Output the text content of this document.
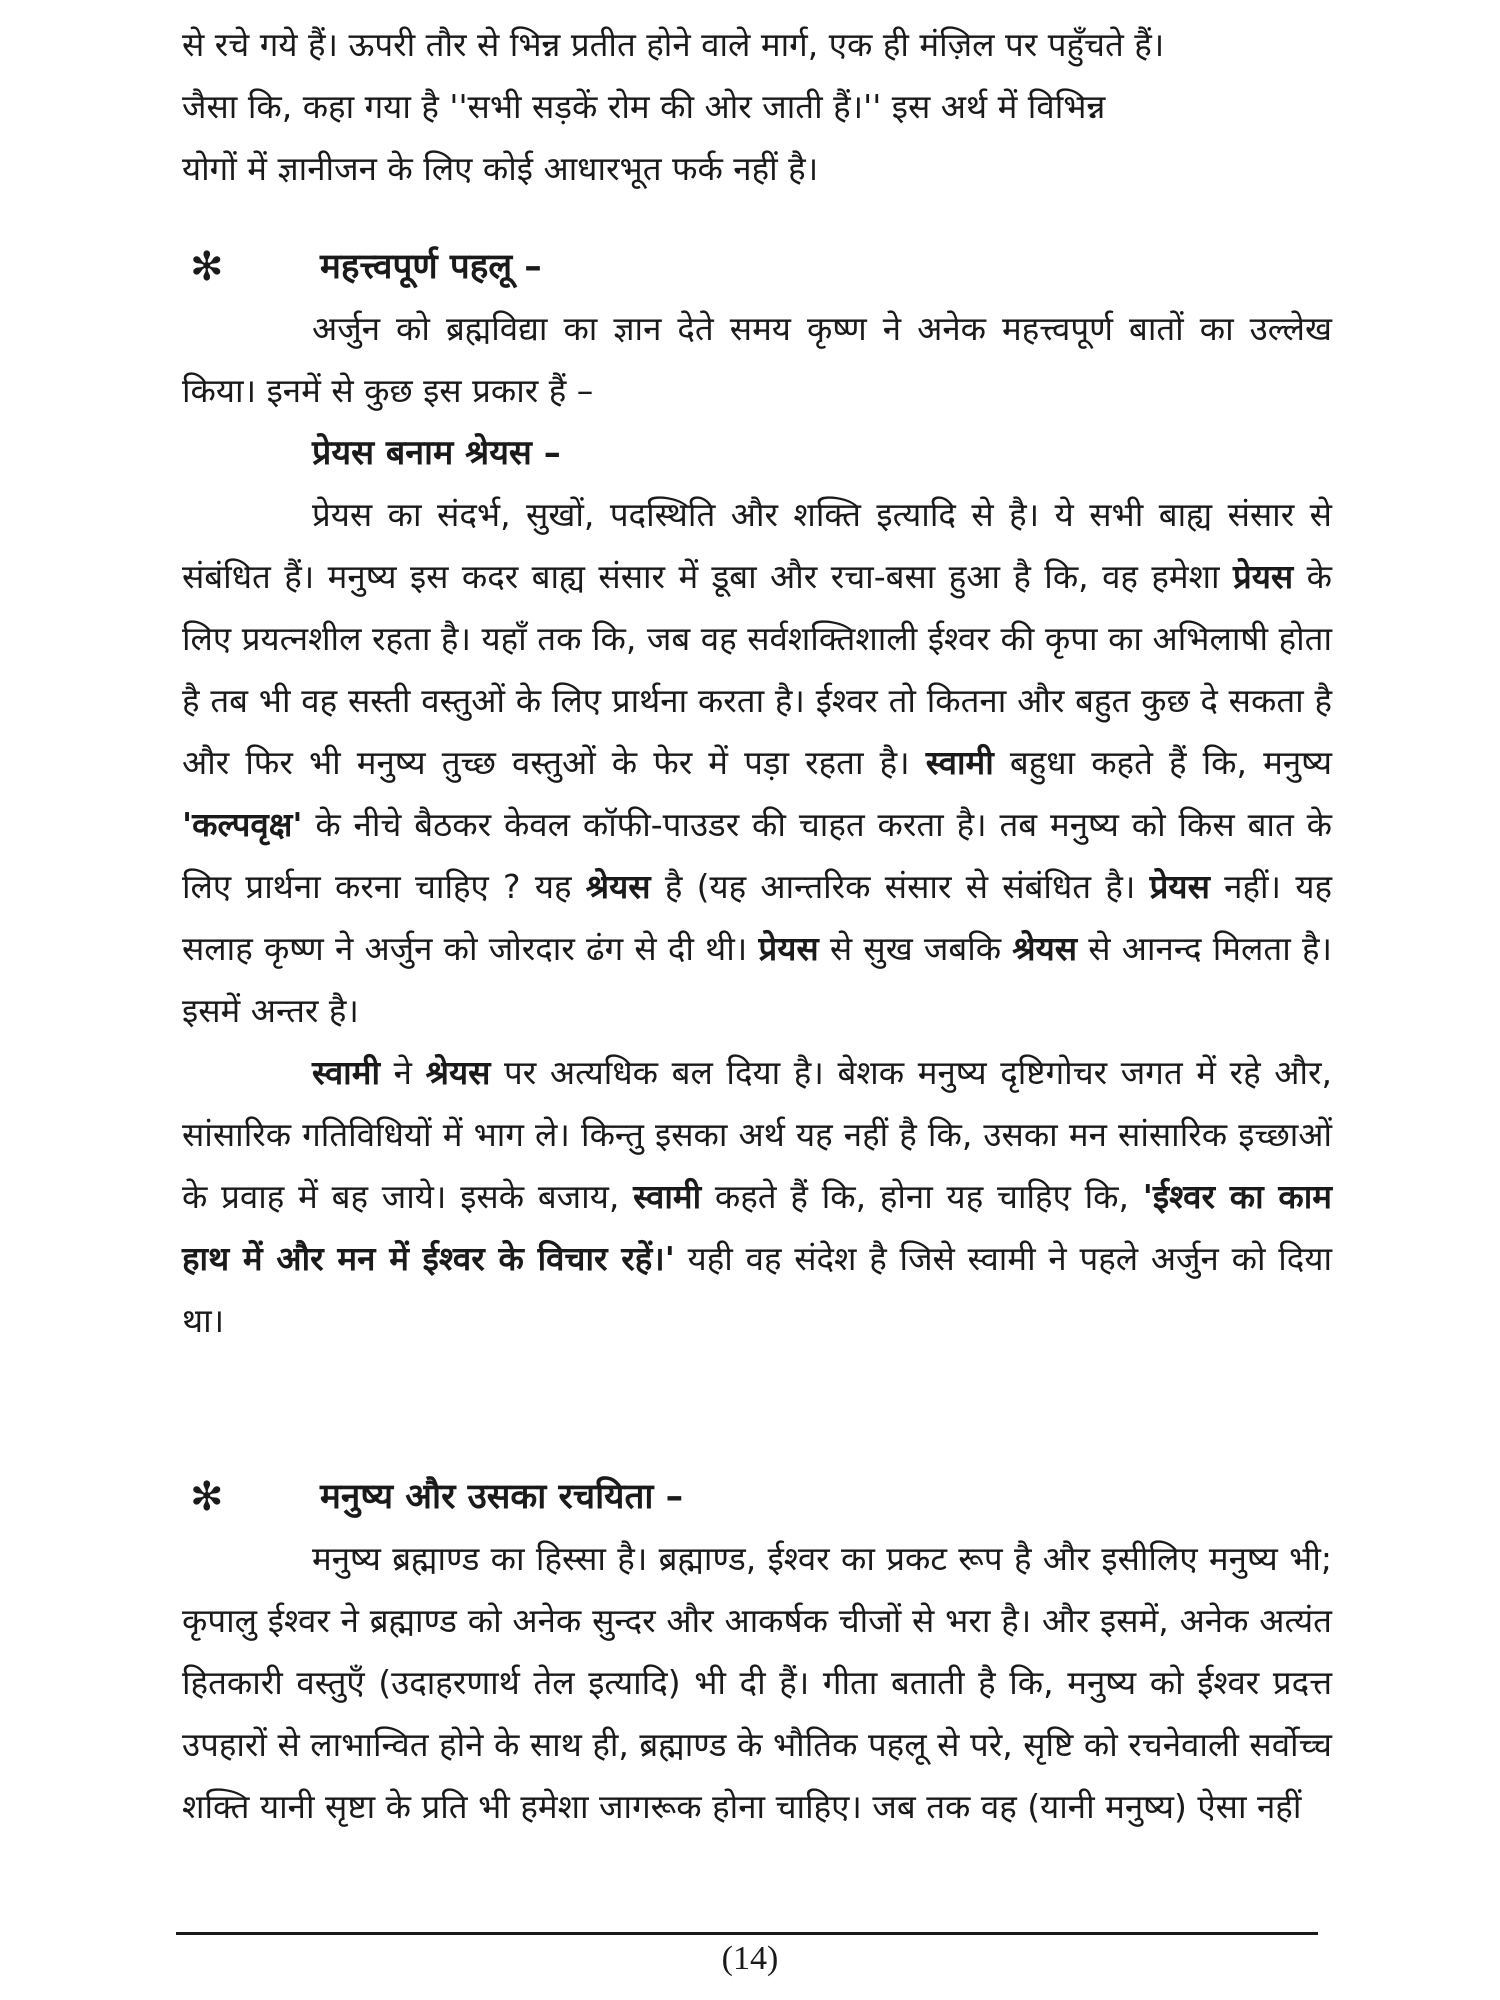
से रचे गये हैं। ऊपरी तौर से भिन्न प्रतीत होने वाले मार्ग, एक ही मंज़िल पर पहुँचते हैं।
जैसा कि, कहा गया है ''सभी सड़कें रोम की ओर जाती हैं।'' इस अर्थ में विभिन्न
योगों में ज्ञानीजन के लिए कोई आधारभूत फर्क नहीं है।
✻	महत्त्वपूर्ण पहलू –
अर्जुन को ब्रह्मविद्या का ज्ञान देते समय कृष्ण ने अनेक महत्त्वपूर्ण बातों का उल्लेख किया। इनमें से कुछ इस प्रकार हैं –
प्रेयस बनाम श्रेयस –
प्रेयस का संदर्भ, सुखों, पदस्थिति और शक्ति इत्यादि से है। ये सभी बाह्य संसार से संबंधित हैं। मनुष्य इस कदर बाह्य संसार में डूबा और रचा-बसा हुआ है कि, वह हमेशा प्रेयस के लिए प्रयत्नशील रहता है। यहाँ तक कि, जब वह सर्वशक्तिशाली ईश्वर की कृपा का अभिलाषी होता है तब भी वह सस्ती वस्तुओं के लिए प्रार्थना करता है। ईश्वर तो कितना और बहुत कुछ दे सकता है और फिर भी मनुष्य तुच्छ वस्तुओं के फेर में पड़ा रहता है। स्वामी बहुधा कहते हैं कि, मनुष्य 'कल्पवृक्ष' के नीचे बैठकर केवल कॉफी-पाउडर की चाहत करता है। तब मनुष्य को किस बात के लिए प्रार्थना करना चाहिए ? यह श्रेयस है (यह आन्तरिक संसार से संबंधित है। प्रेयस नहीं। यह सलाह कृष्ण ने अर्जुन को जोरदार ढंग से दी थी। प्रेयस से सुख जबकि श्रेयस से आनन्द मिलता है। इसमें अन्तर है।
स्वामी ने श्रेयस पर अत्यधिक बल दिया है। बेशक मनुष्य दृष्टिगोचर जगत में रहे और, सांसारिक गतिविधियों में भाग ले। किन्तु इसका अर्थ यह नहीं है कि, उसका मन सांसारिक इच्छाओं के प्रवाह में बह जाये। इसके बजाय, स्वामी कहते हैं कि, होना यह चाहिए कि, 'ईश्वर का काम हाथ में और मन में ईश्वर के विचार रहें।' यही वह संदेश है जिसे स्वामी ने पहले अर्जुन को दिया था।
✻	मनुष्य और उसका रचयिता –
मनुष्य ब्रह्माण्ड का हिस्सा है। ब्रह्माण्ड, ईश्वर का प्रकट रूप है और इसीलिए मनुष्य भी; कृपालु ईश्वर ने ब्रह्माण्ड को अनेक सुन्दर और आकर्षक चीजों से भरा है। और इसमें, अनेक अत्यंत हितकारी वस्तुएँ (उदाहरणार्थ तेल इत्यादि) भी दी हैं। गीता बताती है कि, मनुष्य को ईश्वर प्रदत्त उपहारों से लाभान्वित होने के साथ ही, ब्रह्माण्ड के भौतिक पहलू से परे, सृष्टि को रचनेवाली सर्वोच्च शक्ति यानी सृष्टा के प्रति भी हमेशा जागरूक होना चाहिए। जब तक वह (यानी मनुष्य) ऐसा नहीं
(14)
